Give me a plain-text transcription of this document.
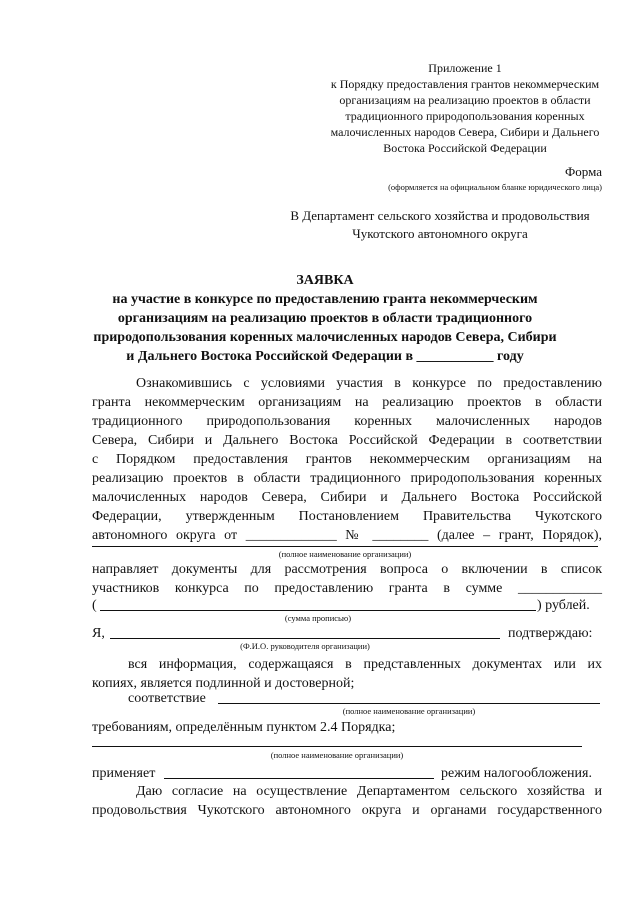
Приложение 1
к Порядку предоставления грантов некоммерческим
организациям на реализацию проектов в области
традиционного природопользования коренных
малочисленных народов Севера, Сибири и Дальнего
Востока Российской Федерации
Форма
(оформляется на официальном бланке юридического лица)
В Департамент сельского хозяйства и продовольствия
Чукотского автономного округа
ЗАЯВКА
на участие в конкурсе по предоставлению гранта некоммерческим
организациям на реализацию проектов в области традиционного
природопользования коренных малочисленных народов Севера, Сибири
и Дальнего Востока Российской Федерации в ___________ году
Ознакомившись с условиями участия в конкурсе по предоставлению
гранта некоммерческим организациям на реализацию проектов в области
традиционного природопользования коренных малочисленных народов
Севера, Сибири и Дальнего Востока Российской Федерации в соответствии
с Порядком предоставления грантов некоммерческим организациям на
реализацию проектов в области традиционного природопользования коренных
малочисленных народов Севера, Сибири и Дальнего Востока Российской
Федерации, утвержденным Постановлением Правительства Чукотского
автономного округа от _____________ № ________ (далее – грант, Порядок),
(полное наименование организации)
направляет документы для рассмотрения вопроса о включении в список
участников конкурса по предоставлению гранта в сумме ____________
(	) рублей.
(сумма прописью)
Я,	подтверждаю:
(Ф.И.О. руководителя организации)
вся информация, содержащаяся в представленных документах или их
копиях, является подлинной и достоверной;
соответствие
(полное наименование организации)
требованиям, определённым пунктом 2.4 Порядка;
(полное наименование организации)
применяет	режим налогообложения.
Даю согласие на осуществление Департаментом сельского хозяйства и
продовольствия Чукотского автономного округа и органами государственного
